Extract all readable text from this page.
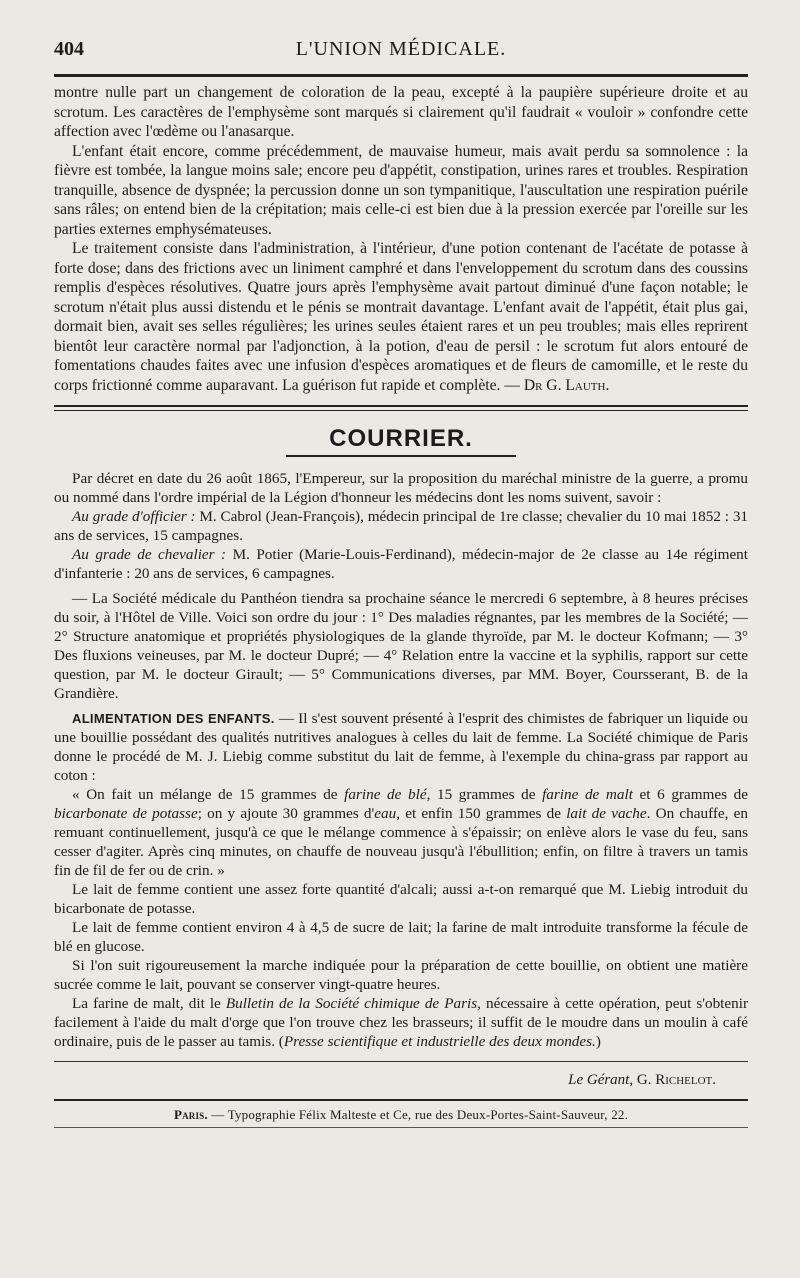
404	L'UNION MÉDICALE.

montre nulle part un changement de coloration de la peau, excepté à la paupière supérieure droite et au scrotum. Les caractères de l'emphysème sont marqués si clairement qu'il faudrait « vouloir » confondre cette affection avec l'œdème ou l'anasarque.

L'enfant était encore, comme précédemment, de mauvaise humeur, mais avait perdu sa somnolence : la fièvre est tombée, la langue moins sale; encore peu d'appétit, constipation, urines rares et troubles. Respiration tranquille, absence de dyspnée; la percussion donne un son tympanitique, l'auscultation une respiration puérile sans râles; on entend bien de la crépitation; mais celle-ci est bien due à la pression exercée par l'oreille sur les parties externes emphysémateuses.

Le traitement consiste dans l'administration, à l'intérieur, d'une potion contenant de l'acétate de potasse à forte dose; dans des frictions avec un liniment camphré et dans l'enveloppement du scrotum dans des coussins remplis d'espèces résolutives. Quatre jours après l'emphysème avait partout diminué d'une façon notable; le scrotum n'était plus aussi distendu et le pénis se montrait davantage. L'enfant avait de l'appétit, était plus gai, dormait bien, avait ses selles régulières; les urines seules étaient rares et un peu troubles; mais elles reprirent bientôt leur caractère normal par l'adjonction, à la potion, d'eau de persil : le scrotum fut alors entouré de fomentations chaudes faites avec une infusion d'espèces aromatiques et de fleurs de camomille, et le reste du corps frictionné comme auparavant. La guérison fut rapide et complète. — Dr G. Lauth.

COURRIER.

Par décret en date du 26 août 1865, l'Empereur, sur la proposition du maréchal ministre de la guerre, a promu ou nommé dans l'ordre impérial de la Légion d'honneur les médecins dont les noms suivent, savoir :

Au grade d'officier : M. Cabrol (Jean-François), médecin principal de 1re classe; chevalier du 10 mai 1852 : 31 ans de services, 15 campagnes.

Au grade de chevalier : M. Potier (Marie-Louis-Ferdinand), médecin-major de 2e classe au 14e régiment d'infanterie : 20 ans de services, 6 campagnes.

— La Société médicale du Panthéon tiendra sa prochaine séance le mercredi 6 septembre, à 8 heures précises du soir, à l'Hôtel de Ville. Voici son ordre du jour : 1° Des maladies régnantes, par les membres de la Société; — 2° Structure anatomique et propriétés physiologiques de la glande thyroïde, par M. le docteur Kofmann; — 3° Des fluxions veineuses, par M. le docteur Dupré; — 4° Relation entre la vaccine et la syphilis, rapport sur cette question, par M. le docteur Girault; — 5° Communications diverses, par MM. Boyer, Coursserant, B. de la Grandière.

ALIMENTATION DES ENFANTS. — Il s'est souvent présenté à l'esprit des chimistes de fabriquer un liquide ou une bouillie possédant des qualités nutritives analogues à celles du lait de femme. La Société chimique de Paris donne le procédé de M. J. Liebig comme substitut du lait de femme, à l'exemple du china-grass par rapport au coton :

« On fait un mélange de 15 grammes de farine de blé, 15 grammes de farine de malt et 6 grammes de bicarbonate de potasse; on y ajoute 30 grammes d'eau, et enfin 150 grammes de lait de vache. On chauffe, en remuant continuellement, jusqu'à ce que le mélange commence à s'épaissir; on enlève alors le vase du feu, sans cesser d'agiter. Après cinq minutes, on chauffe de nouveau jusqu'à l'ébullition; enfin, on filtre à travers un tamis fin de fil de fer ou de crin. »

Le lait de femme contient une assez forte quantité d'alcali; aussi a-t-on remarqué que M. Liebig introduit du bicarbonate de potasse.

Le lait de femme contient environ 4 à 4,5 de sucre de lait; la farine de malt introduite transforme la fécule de blé en glucose.

Si l'on suit rigoureusement la marche indiquée pour la préparation de cette bouillie, on obtient une matière sucrée comme le lait, pouvant se conserver vingt-quatre heures.

La farine de malt, dit le Bulletin de la Société chimique de Paris, nécessaire à cette opération, peut s'obtenir facilement à l'aide du malt d'orge que l'on trouve chez les brasseurs; il suffit de le moudre dans un moulin à café ordinaire, puis de le passer au tamis. (Presse scientifique et industrielle des deux mondes.)

Le Gérant, G. Richelot.
Paris. — Typographie Félix Malteste et Ce, rue des Deux-Portes-Saint-Sauveur, 22.
